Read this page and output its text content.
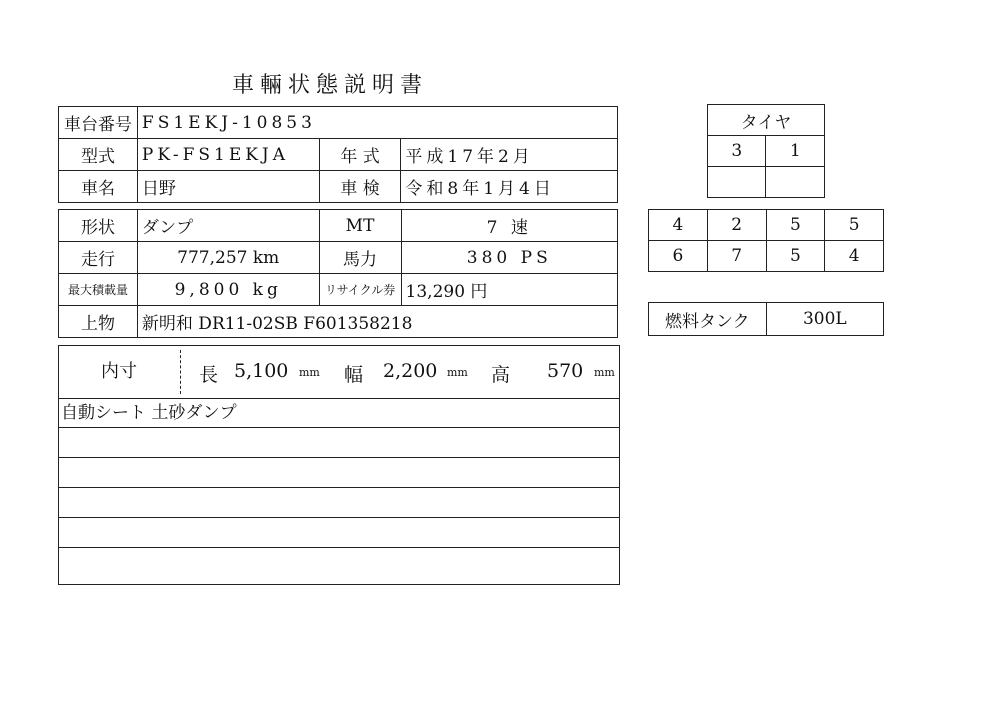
車輛状態説明書
車台番号	FS1EKJ-10853		
型式	PK-FS1EKJA	年 式	平成17年2月
車名	日野	車 検	令和8年1月4日
形状	ダンプ	MT	7 速
走行	777,257 km	馬力	380 PS
最大積載量	9,800 kg	リサイクル券	13,290 円
上物	新明和 DR11-02SB F601358218		
内寸	長 5,100 mm 幅 2,200 mm 高 570 mm
自動シート 土砂ダンプ
タイヤ	
3	1

4	2	5	5
6	7	5	4
燃料タンク	300L
